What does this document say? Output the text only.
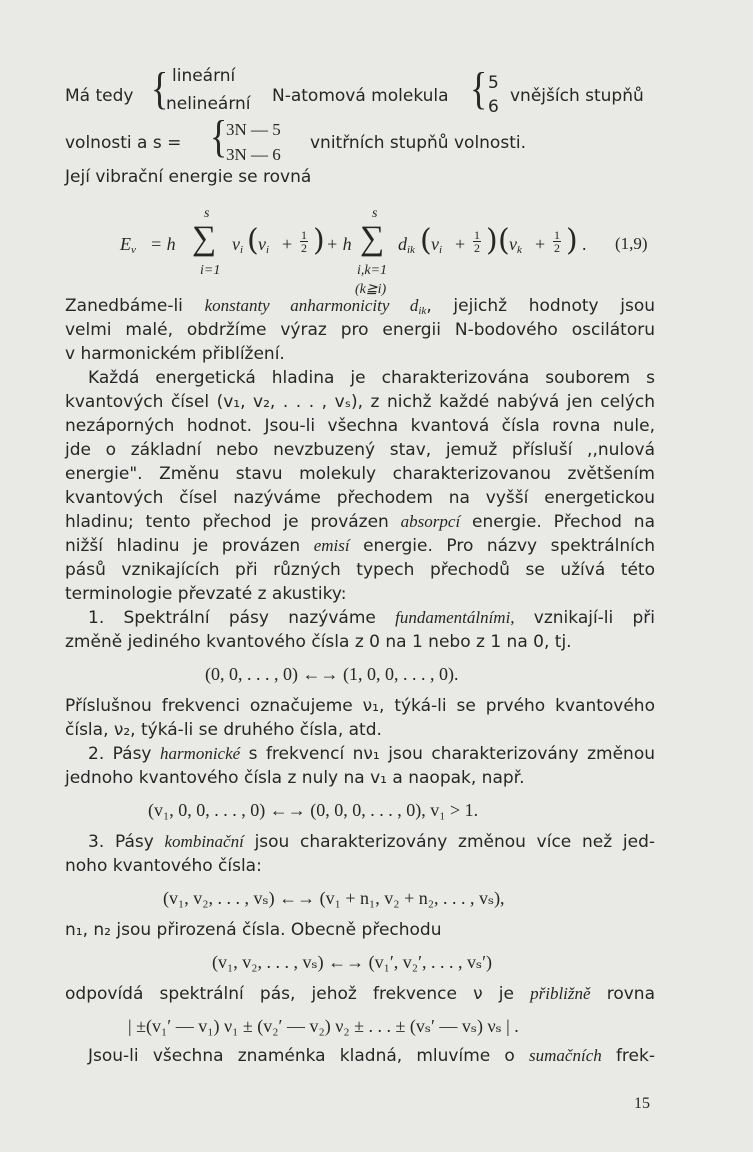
Má tedy { lineární
nelineární N-atomová molekula { 5
6
vnějších stupňů
volnosti a s = {
3N — 5
3N — 6
vnitřních stupňů volnosti.
Její vibrační energie se rovná
$E_v = h$
s
∑
i=1
$\nu_i$ ( $v_i + \frac{1}{2}$ ) + h
s
∑
i,k=1
(k≧i)
$d_{ik}$ ( $v_i + \frac{1}{2}$ ) ( $v_k + \frac{1}{2}$ ) . (1,9)
Zanedbáme-li konstanty anharmonicity $d_{ik}$, jejichž hodnoty jsou
velmi malé, obdržíme výraz pro energii N-bodového oscilátoru
v harmonickém přiblížení.
Každá energetická hladina je charakterizována souborem s
kvantových čísel (v₁, v₂, . . . , vₛ), z nichž každé nabývá jen celých
nezáporných hodnot. Jsou-li všechna kvantová čísla rovna nule,
jde o základní nebo nevzbuzený stav, jemuž přísluší ,,nulová
energie". Změnu stavu molekuly charakterizovanou zvětšením
kvantových čísel nazýváme přechodem na vyšší energetickou
hladinu; tento přechod je provázen absorpcí energie. Přechod na
nižší hladinu je provázen emisí energie. Pro názvy spektrálních
pásů vznikajících při různých typech přechodů se užívá této
terminologie převzaté z akustiky:
1. Spektrální pásy nazýváme fundamentálními, vznikají-li při
změně jediného kvantového čísla z 0 na 1 nebo z 1 na 0, tj.
(0, 0, . . . , 0) ←→ (1, 0, 0, . . . , 0).
Příslušnou frekvenci označujeme ν₁, týká-li se prvého kvantového
čísla, ν₂, týká-li se druhého čísla, atd.
2. Pásy harmonické s frekvencí nν₁ jsou charakterizovány změnou
jednoho kvantového čísla z nuly na v₁ a naopak, např.
(v₁, 0, 0, . . . , 0) ←→ (0, 0, 0, . . . , 0), v₁ > 1.
3. Pásy kombinační jsou charakterizovány změnou více než jed-
noho kvantového čísla:
(v₁, v₂, . . . , vₛ) ←→ (v₁ + n₁, v₂ + n₂, . . . , vₛ),
n₁, n₂ jsou přirozená čísla. Obecně přechodu
(v₁, v₂, . . . , vₛ) ←→ (v₁′, v₂′, . . . , vₛ′)
odpovídá spektrální pás, jehož frekvence ν je přibližně rovna
| ±(v₁′ — v₁) ν₁ ± (v₂′ — v₂) ν₂ ± . . . ± (vₛ′ — vₛ) νₛ | .
Jsou-li všechna znaménka kladná, mluvíme o sumačních frek-
15
